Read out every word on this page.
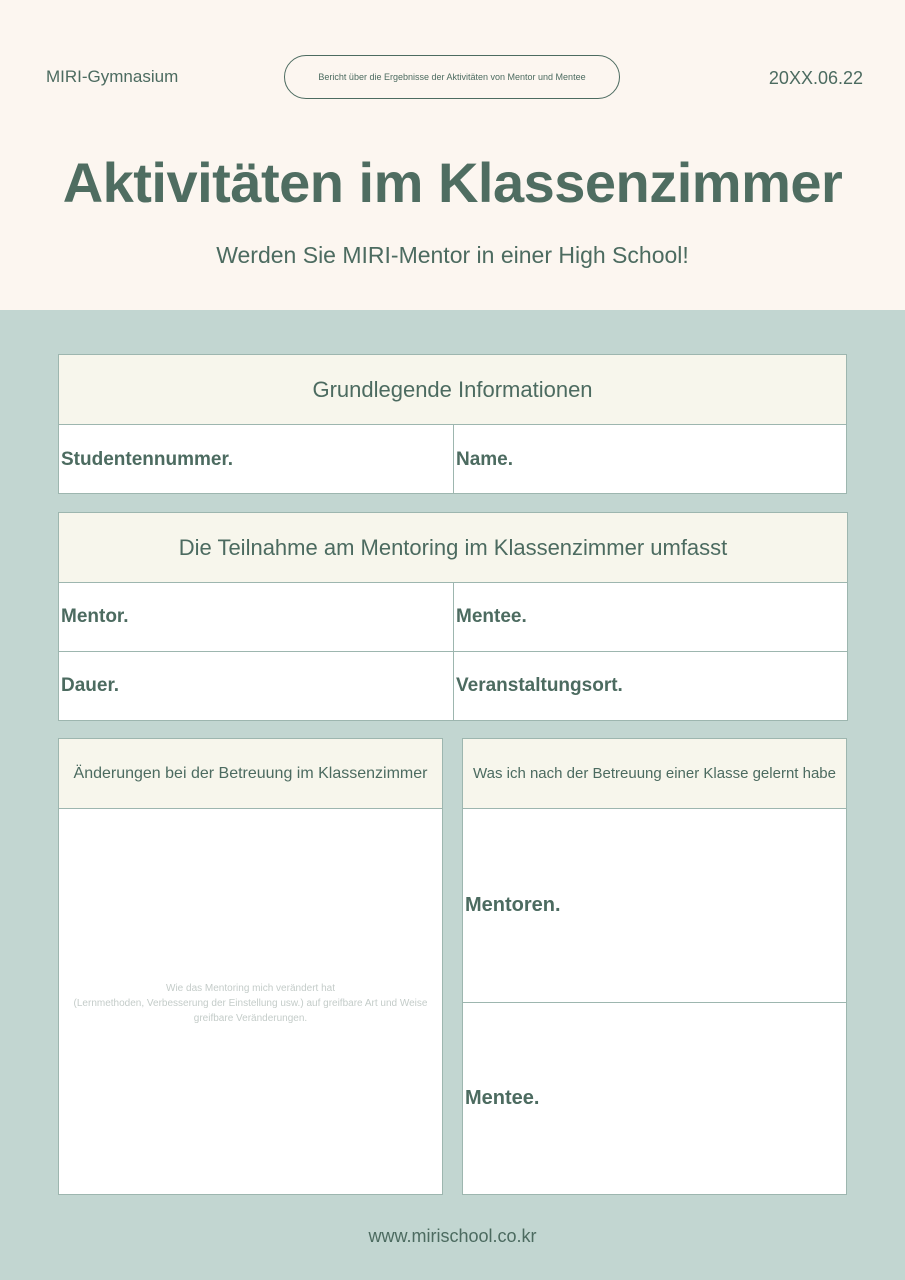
MIRI-Gymnasium	Bericht über die Ergebnisse der Aktivitäten von Mentor und Mentee	20XX.06.22
Aktivitäten im Klassenzimmer
Werden Sie MIRI-Mentor in einer High School!
Grundlegende Informationen
Studentennummer.	Name.
Die Teilnahme am Mentoring im Klassenzimmer umfasst
Mentor.	Mentee.
Dauer.	Veranstaltungsort.
Änderungen bei der Betreuung im Klassenzimmer
Wie das Mentoring mich verändert hat
(Lernmethoden, Verbesserung der Einstellung usw.) auf greifbare Art und Weise
greifbare Veränderungen.
Was ich nach der Betreuung einer Klasse gelernt habe
Mentoren.
Mentee.
www.mirischool.co.kr
